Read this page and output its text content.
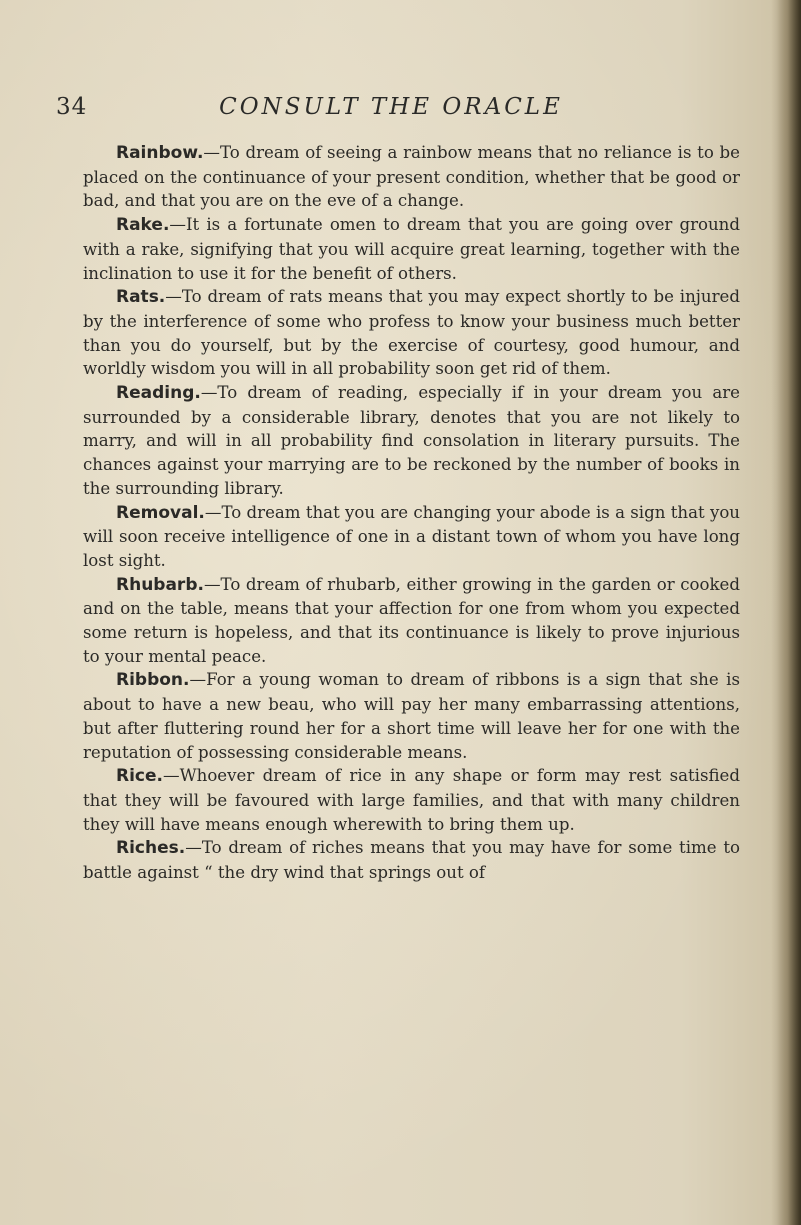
34	CONSULT THE ORACLE

Rainbow.—To dream of seeing a rainbow means that no reliance is to be placed on the continuance of your present condition, whether that be good or bad, and that you are on the eve of a change.

Rake.—It is a fortunate omen to dream that you are going over ground with a rake, signifying that you will acquire great learning, together with the inclination to use it for the benefit of others.

Rats.—To dream of rats means that you may expect shortly to be injured by the interference of some who profess to know your business much better than you do yourself, but by the exercise of courtesy, good humour, and worldly wisdom you will in all probability soon get rid of them.

Reading.—To dream of reading, especially if in your dream you are surrounded by a considerable library, denotes that you are not likely to marry, and will in all probability find consolation in literary pursuits. The chances against your marrying are to be reckoned by the number of books in the surrounding library.

Removal.—To dream that you are changing your abode is a sign that you will soon receive intelligence of one in a distant town of whom you have long lost sight.

Rhubarb.—To dream of rhubarb, either growing in the garden or cooked and on the table, means that your affection for one from whom you expected some return is hopeless, and that its continuance is likely to prove injurious to your mental peace.

Ribbon.—For a young woman to dream of ribbons is a sign that she is about to have a new beau, who will pay her many embarrassing attentions, but after fluttering round her for a short time will leave her for one with the reputation of possessing considerable means.

Rice.—Whoever dream of rice in any shape or form may rest satisfied that they will be favoured with large families, and that with many children they will have means enough wherewith to bring them up.

Riches.—To dream of riches means that you may have for some time to battle against “ the dry wind that springs out of
